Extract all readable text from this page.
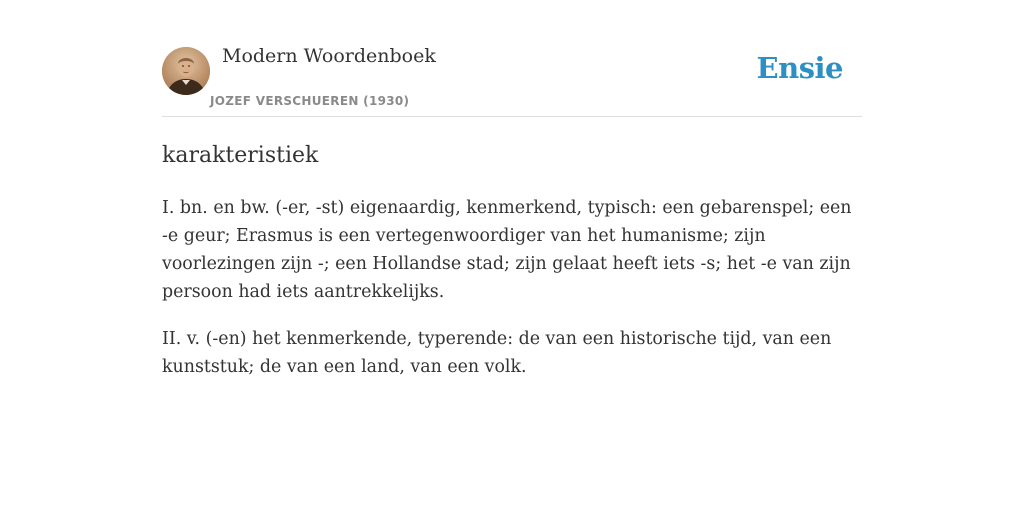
Modern Woordenboek
JOZEF VERSCHUEREN (1930)
Ensie
karakteristiek

I. bn. en bw. (-er, -st) eigenaardig, kenmerkend, typisch: een gebarenspel; een -e geur; Erasmus is een vertegenwoordiger van het humanisme; zijn voorlezingen zijn -; een Hollandse stad; zijn gelaat heeft iets -s; het -e van zijn persoon had iets aantrekkelijks.

II. v. (-en) het kenmerkende, typerende: de van een historische tijd, van een kunststuk; de van een land, van een volk.
